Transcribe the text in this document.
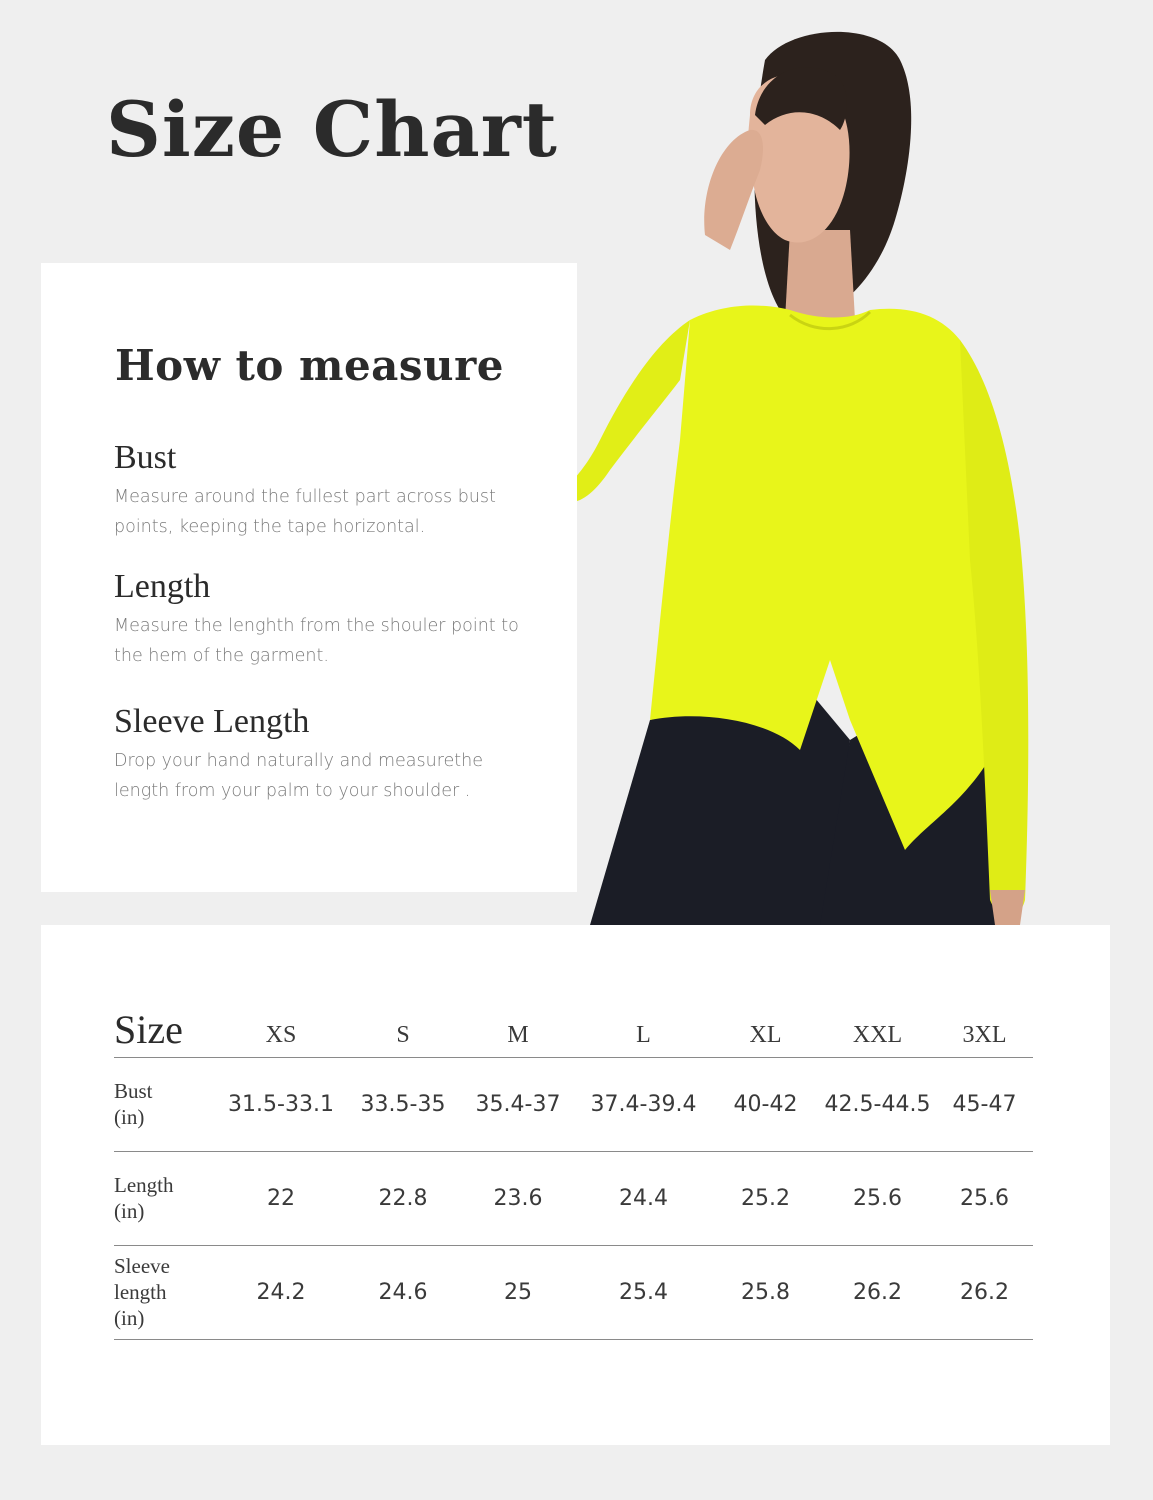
Size Chart
How to measure
Bust
Measure around the fullest part across bust points, keeping the tape horizontal.
Length
Measure the lenghth from the shouler point to the hem of the garment.
Sleeve Length
Drop your hand naturally and measurethe length from your palm to your shoulder .
Size	XS	S	M	L	XL	XXL	3XL

Bust
(in)	31.5-33.1	33.5-35	35.4-37	37.4-39.4	40-42	42.5-44.5	45-47

Length
(in)	22	22.8	23.6	24.4	25.2	25.6	25.6

Sleeve length
(in)	24.2	24.6	25	25.4	25.8	26.2	26.2
